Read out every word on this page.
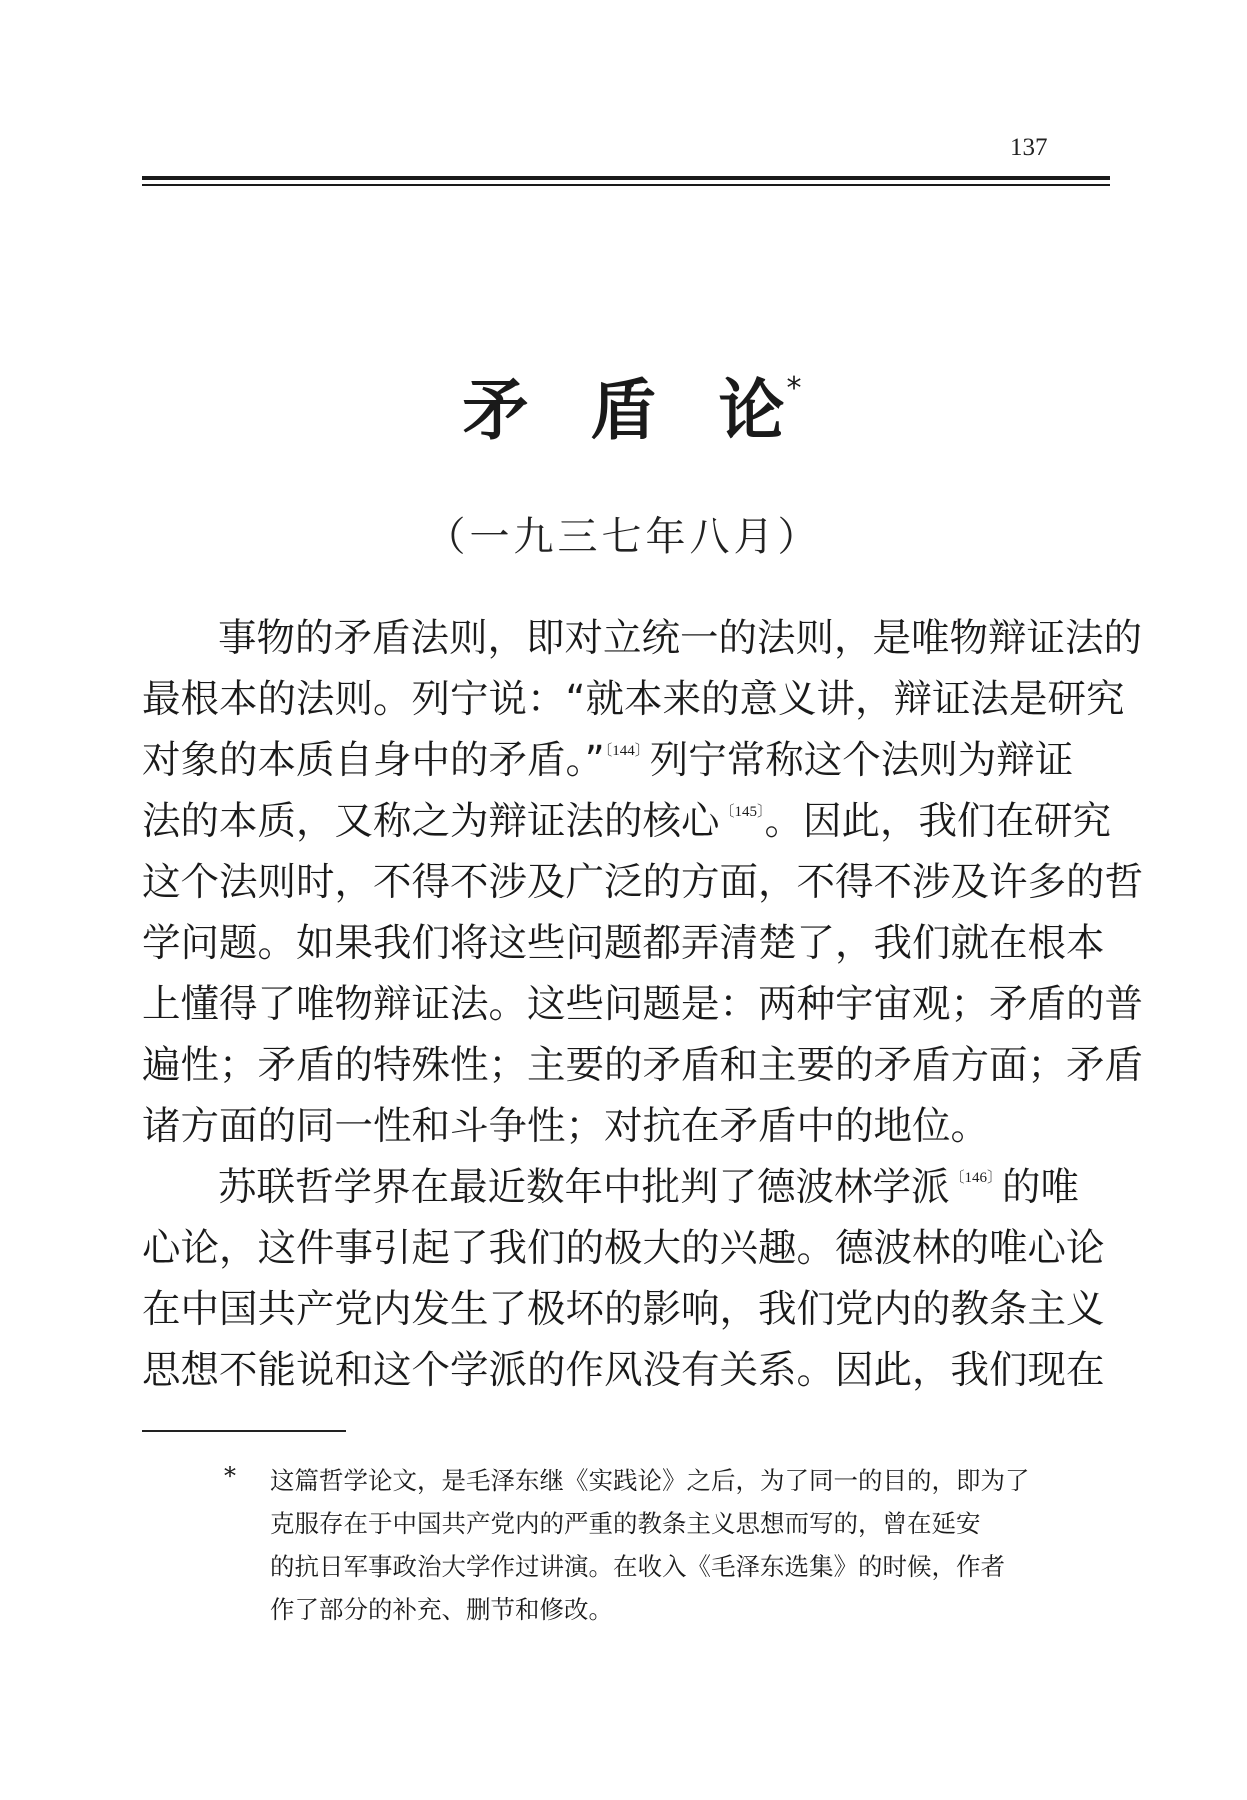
137
矛 盾 论 *
（一九三七年八月）
事物的矛盾法则，即对立统一的法则，是唯物辩证法的
最根本的法则。列宁说：“就本来的意义讲，辩证法是研究
对象的本质自身中的矛盾。”$^{〔144〕}$列宁常称这个法则为辩证
法的本质，又称之为辩证法的核心$^{〔145〕}$。因此，我们在研究
这个法则时，不得不涉及广泛的方面，不得不涉及许多的哲
学问题。如果我们将这些问题都弄清楚了，我们就在根本
上懂得了唯物辩证法。这些问题是：两种宇宙观；矛盾的普
遍性；矛盾的特殊性；主要的矛盾和主要的矛盾方面；矛盾
诸方面的同一性和斗争性；对抗在矛盾中的地位。
苏联哲学界在最近数年中批判了德波林学派$^{〔146〕}$的唯
心论，这件事引起了我们的极大的兴趣。德波林的唯心论
在中国共产党内发生了极坏的影响，我们党内的教条主义
思想不能说和这个学派的作风没有关系。因此，我们现在
* 这篇哲学论文，是毛泽东继《实践论》之后，为了同一的目的，即为了
克服存在于中国共产党内的严重的教条主义思想而写的，曾在延安
的抗日军事政治大学作过讲演。在收入《毛泽东选集》的时候，作者
作了部分的补充、删节和修改。
